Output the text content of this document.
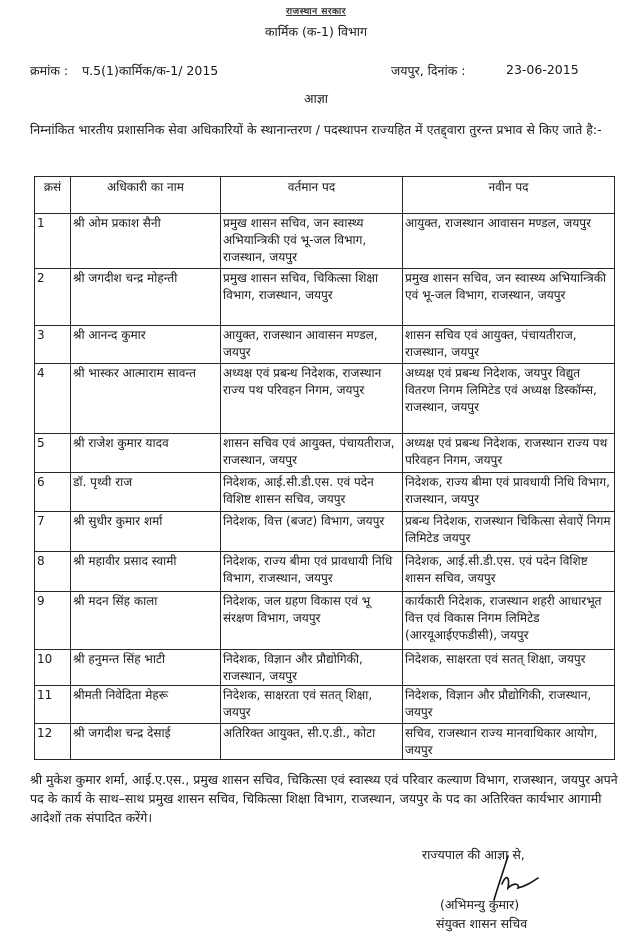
राजस्थान सरकार
कार्मिक (क-1) विभाग
क्रमांक : प.5(1)कार्मिक/क-1/ 2015	जयपुर, दिनांक :	23-06-2015
आज्ञा
निम्नांकित भारतीय प्रशासनिक सेवा अधिकारियों के स्थानान्तरण / पदस्थापन राज्यहित में एतद्द्वारा तुरन्त प्रभाव से किए जाते है:-
क्रसं	अधिकारी का नाम	वर्तमान पद	नवीन पद
1	श्री ओम प्रकाश सैनी	प्रमुख शासन सचिव, जन स्वास्थ्य अभियान्त्रिकी एवं भू-जल विभाग, राजस्थान, जयपुर	आयुक्त, राजस्थान आवासन मण्डल, जयपुर
2	श्री जगदीश चन्द्र मोहन्ती	प्रमुख शासन सचिव, चिकित्सा शिक्षा विभाग, राजस्थान, जयपुर	प्रमुख शासन सचिव, जन स्वास्थ्य अभियान्त्रिकी एवं भू-जल विभाग, राजस्थान, जयपुर
3	श्री आनन्द कुमार	आयुक्त, राजस्थान आवासन मण्डल, जयपुर	शासन सचिव एवं आयुक्त, पंचायतीराज, राजस्थान, जयपुर
4	श्री भास्कर आत्माराम सावन्त	अध्यक्ष एवं प्रबन्ध निदेशक, राजस्थान राज्य पथ परिवहन निगम, जयपुर	अध्यक्ष एवं प्रबन्ध निदेशक, जयपुर विद्युत वितरण निगम लिमिटेड एवं अध्यक्ष डिस्कॉम्स, राजस्थान, जयपुर
5	श्री राजेश कुमार यादव	शासन सचिव एवं आयुक्त, पंचायतीराज, राजस्थान, जयपुर	अध्यक्ष एवं प्रबन्ध निदेशक, राजस्थान राज्य पथ परिवहन निगम, जयपुर
6	डॉ. पृथ्वी राज	निदेशक, आई.सी.डी.एस. एवं पदेन विशिष्ट शासन सचिव, जयपुर	निदेशक, राज्य बीमा एवं प्रावधायी निधि विभाग, राजस्थान, जयपुर
7	श्री सुधीर कुमार शर्मा	निदेशक, वित्त (बजट) विभाग, जयपुर	प्रबन्ध निदेशक, राजस्थान चिकित्सा सेवाऐं निगम लिमिटेड जयपुर
8	श्री महावीर प्रसाद स्वामी	निदेशक, राज्य बीमा एवं प्रावधायी निधि विभाग, राजस्थान, जयपुर	निदेशक, आई.सी.डी.एस. एवं पदेन विशिष्ट शासन सचिव, जयपुर
9	श्री मदन सिंह काला	निदेशक, जल ग्रहण विकास एवं भू संरक्षण विभाग, जयपुर	कार्यकारी निदेशक, राजस्थान शहरी आधारभूत वित्त एवं विकास निगम लिमिटेड (आरयूआईएफडीसी), जयपुर
10	श्री हनुमन्त सिंह भाटी	निदेशक, विज्ञान और प्रौद्योगिकी, राजस्थान, जयपुर	निदेशक, साक्षरता एवं सतत् शिक्षा, जयपुर
11	श्रीमती निवेदिता मेहरू	निदेशक, साक्षरता एवं सतत् शिक्षा, जयपुर	निदेशक, विज्ञान और प्रौद्योगिकी, राजस्थान, जयपुर
12	श्री जगदीश चन्द्र देसाई	अतिरिक्त आयुक्त, सी.ए.डी., कोटा	सचिव, राजस्थान राज्य मानवाधिकार आयोग, जयपुर
श्री मुकेश कुमार शर्मा, आई.ए.एस., प्रमुख शासन सचिव, चिकित्सा एवं स्वास्थ्य एवं परिवार कल्याण विभाग, राजस्थान, जयपुर अपने पद के कार्य के साथ–साथ प्रमुख शासन सचिव, चिकित्सा शिक्षा विभाग, राजस्थान, जयपुर के पद का अतिरिक्त कार्यभार आगामी आदेशों तक संपादित करेंगे।
राज्यपाल की आज्ञा से,
(अभिमन्यु कुमार)
संयुक्त शासन सचिव
